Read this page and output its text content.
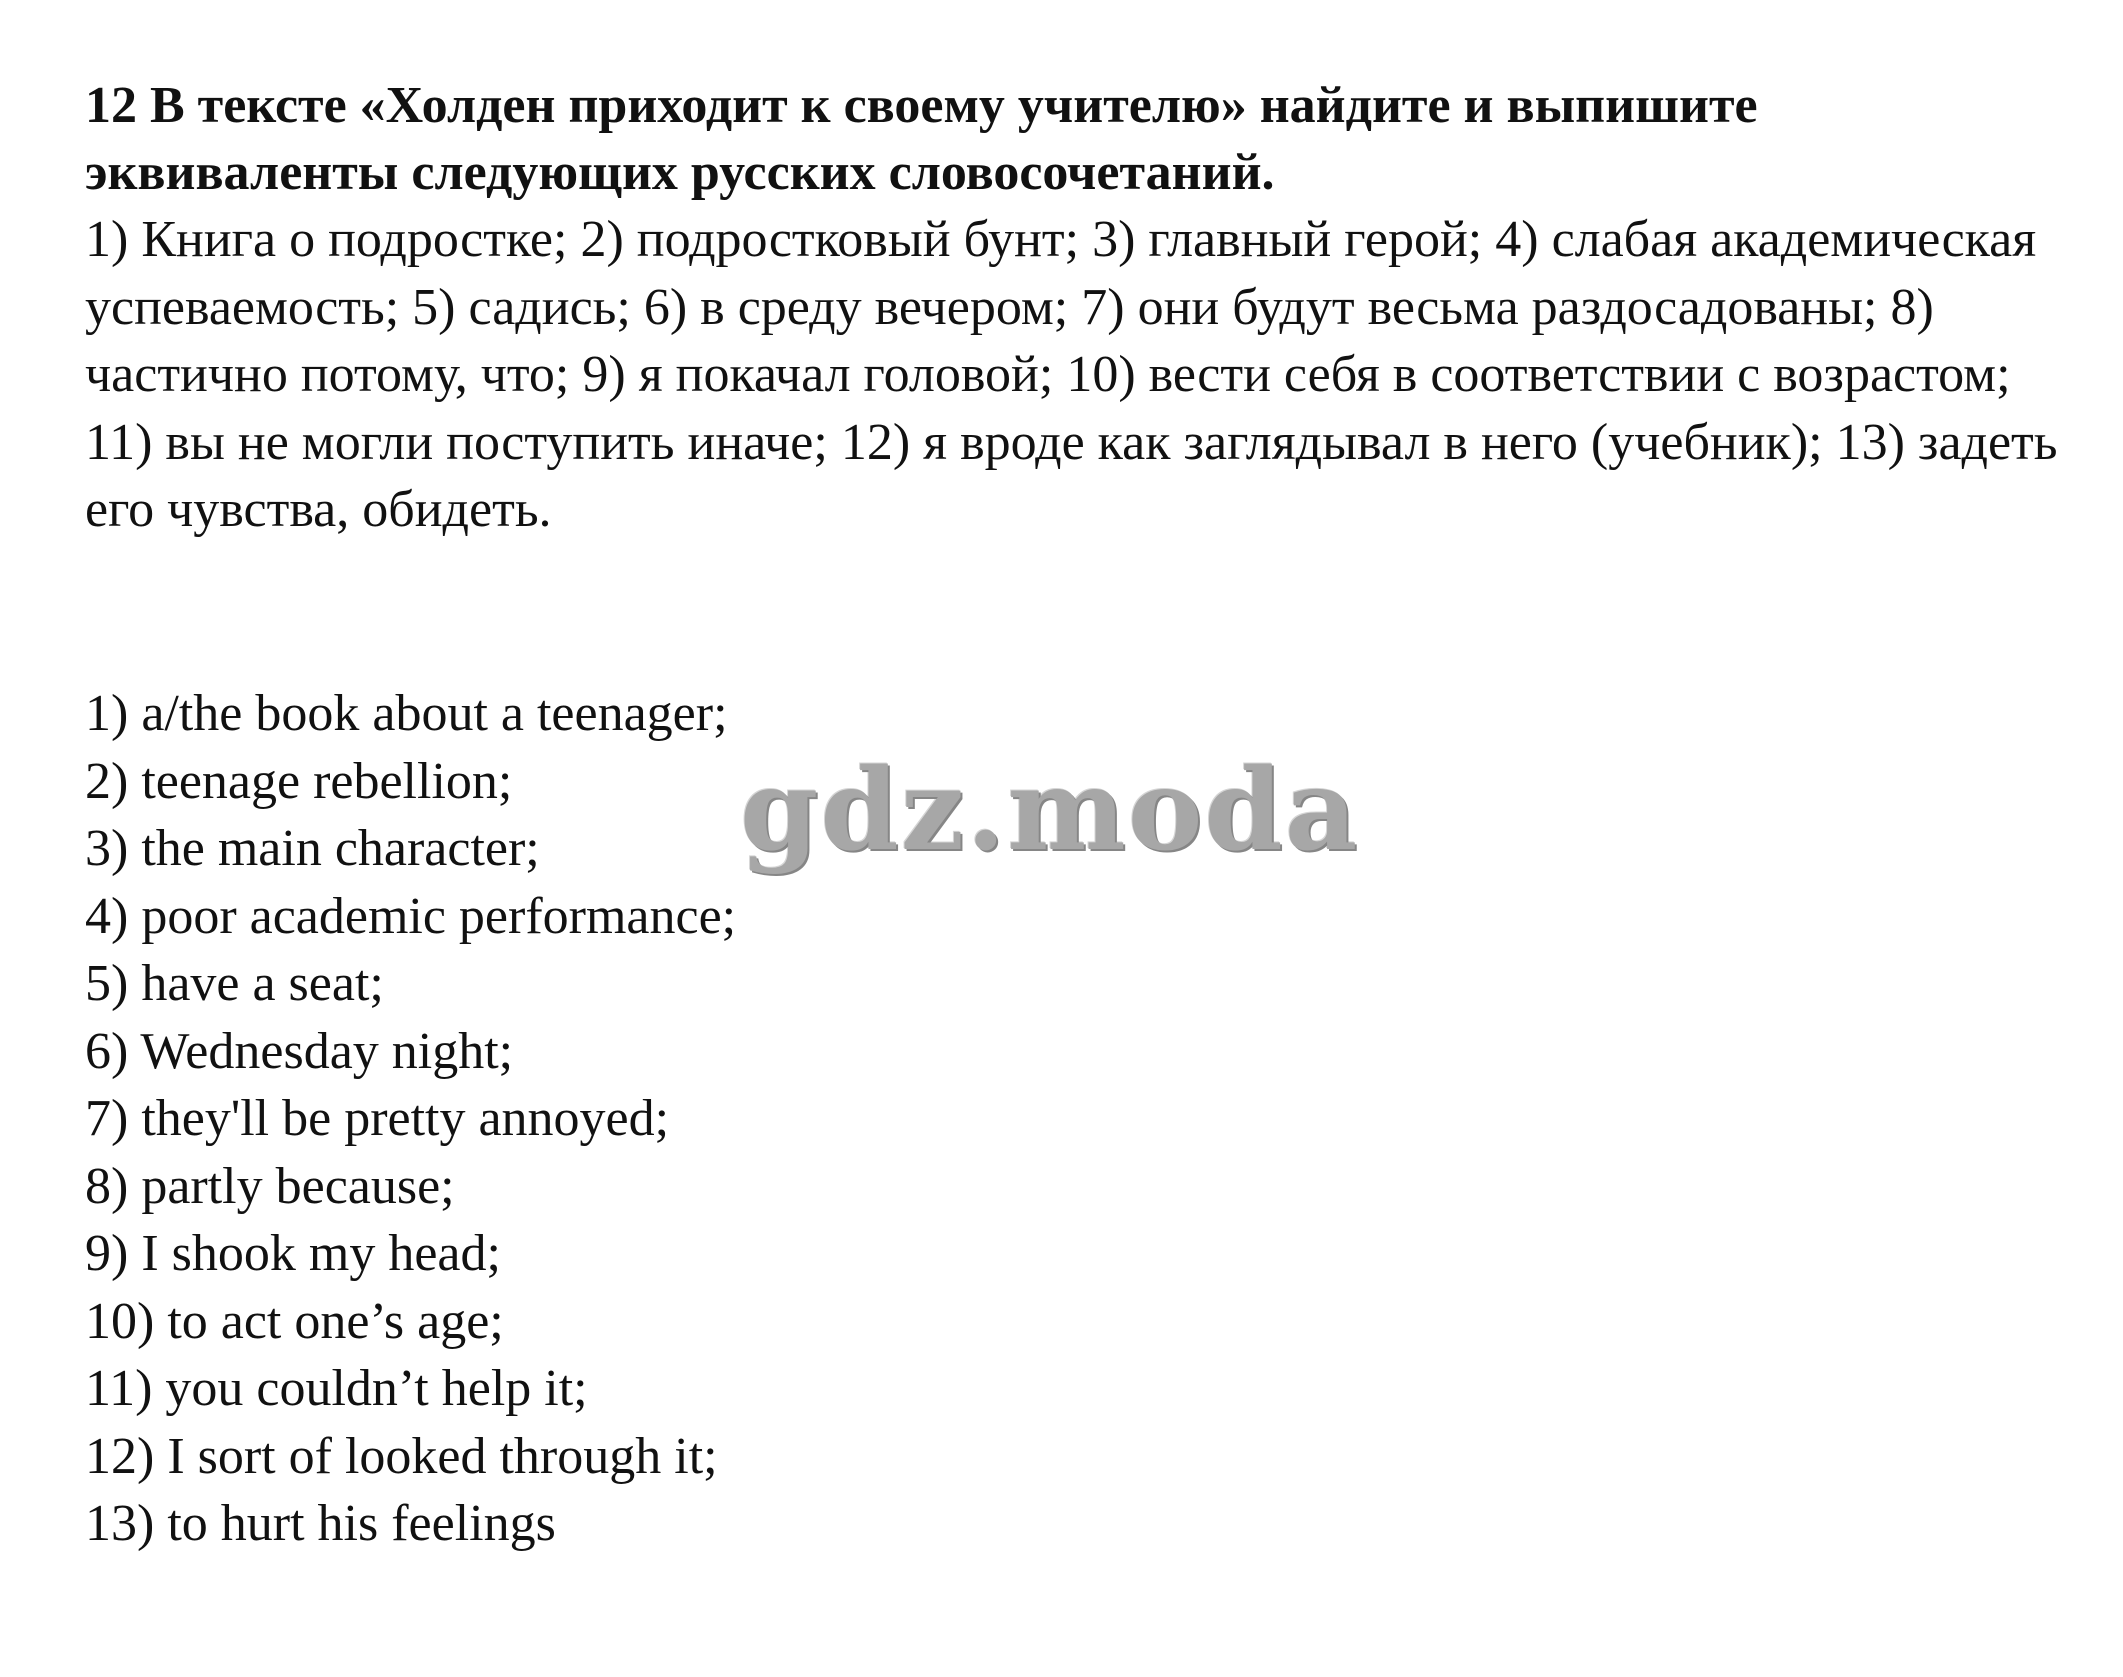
12 В тексте «Холден приходит к своему учителю» найдите и выпишите эквиваленты следующих русских словосочетаний.

1) Книга о подростке; 2) подростковый бунт; 3) главный герой; 4) слабая академическая успеваемость; 5) садись; 6) в среду вечером; 7) они будут весьма раздосадованы; 8) частично потому, что; 9) я покачал головой; 10) вести себя в соответствии с возрастом; 11) вы не могли поступить иначе; 12) я вроде как заглядывал в него (учебник); 13) задеть его чувства, обидеть.

1) a/the book about a teenager;
2) teenage rebellion;
3) the main character;
4) poor academic performance;
5) have a seat;
6) Wednesday night;
7) they'll be pretty annoyed;
8) partly because;
9) I shook my head;
10) to act one’s age;
11) you couldn’t help it;
12) I sort of looked through it;
13) to hurt his feelings
gdz.moda
